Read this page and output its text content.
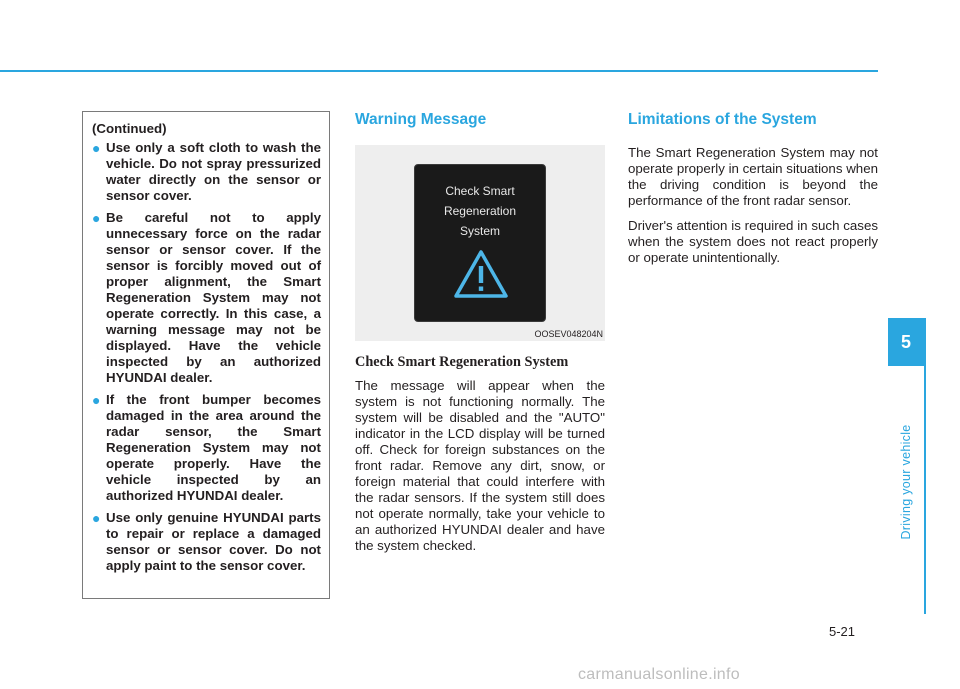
(Continued)
● Use only a soft cloth to wash the vehicle. Do not spray pressurized water directly on the sensor or sensor cover.
● Be careful not to apply unnecessary force on the radar sensor or sensor cover. If the sensor is forcibly moved out of proper alignment, the Smart Regeneration System may not operate correctly. In this case, a warning message may not be displayed. Have the vehicle inspected by an authorized HYUNDAI dealer.
● If the front bumper becomes damaged in the area around the radar sensor, the Smart Regeneration System may not operate properly. Have the vehicle inspected by an authorized HYUNDAI dealer.
● Use only genuine HYUNDAI parts to repair or replace a damaged sensor or sensor cover. Do not apply paint to the sensor cover.
Warning Message
Check Smart
Regeneration
System
OOSEV048204N
Check Smart Regeneration System

The message will appear when the system is not functioning normally. The system will be disabled and the "AUTO" indicator in the LCD display will be turned off. Check for foreign substances on the front radar. Remove any dirt, snow, or foreign material that could interfere with the radar sensors. If the system still does not operate normally, take your vehicle to an authorized HYUNDAI dealer and have the system checked.

Limitations of the System

The Smart Regeneration System may not operate properly in certain situations when the driving condition is beyond the performance of the front radar sensor.

Driver's attention is required in such cases when the system does not react properly or operate unintentionally.

5
Driving your vehicle
5-21
carmanualsonline.info
